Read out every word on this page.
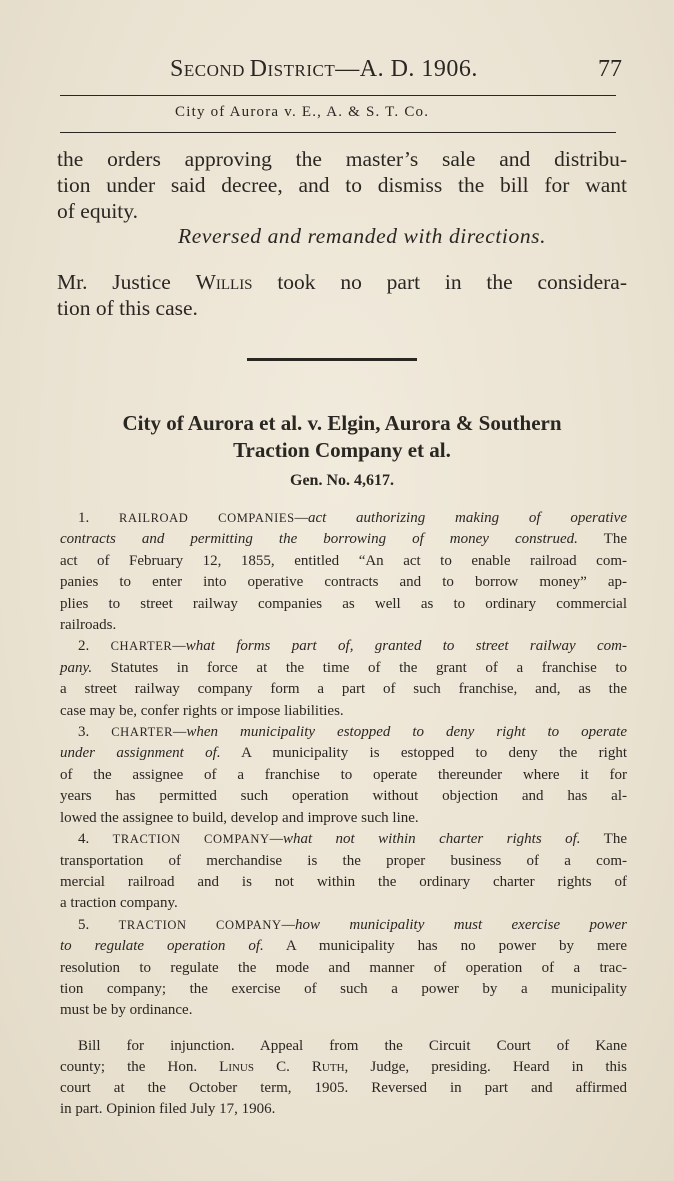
SECOND DISTRICT—A. D. 1906.	77
City of Aurora v. E., A. & S. T. Co.
the orders approving the master’s sale and distribu-
tion under said decree, and to dismiss the bill for want
of equity.
Reversed and remanded with directions.
Mr. Justice Willis took no part in the considera-
tion of this case.
City of Aurora et al. v. Elgin, Aurora & Southern
Traction Company et al.
Gen. No. 4,617.
1. RAILROAD COMPANIES—act authorizing making of operative
contracts and permitting the borrowing of money construed. The
act of February 12, 1855, entitled “An act to enable railroad com-
panies to enter into operative contracts and to borrow money” ap-
plies to street railway companies as well as to ordinary commercial
railroads.
2. CHARTER—what forms part of, granted to street railway com-
pany. Statutes in force at the time of the grant of a franchise to
a street railway company form a part of such franchise, and, as the
case may be, confer rights or impose liabilities.
3. CHARTER—when municipality estopped to deny right to operate
under assignment of. A municipality is estopped to deny the right
of the assignee of a franchise to operate thereunder where it for
years has permitted such operation without objection and has al-
lowed the assignee to build, develop and improve such line.
4. TRACTION COMPANY—what not within charter rights of. The
transportation of merchandise is the proper business of a com-
mercial railroad and is not within the ordinary charter rights of
a traction company.
5. TRACTION COMPANY—how municipality must exercise power
to regulate operation of. A municipality has no power by mere
resolution to regulate the mode and manner of operation of a trac-
tion company; the exercise of such a power by a municipality
must be by ordinance.
Bill for injunction. Appeal from the Circuit Court of Kane
county; the Hon. Linus C. Ruth, Judge, presiding. Heard in this
court at the October term, 1905. Reversed in part and affirmed
in part. Opinion filed July 17, 1906.
